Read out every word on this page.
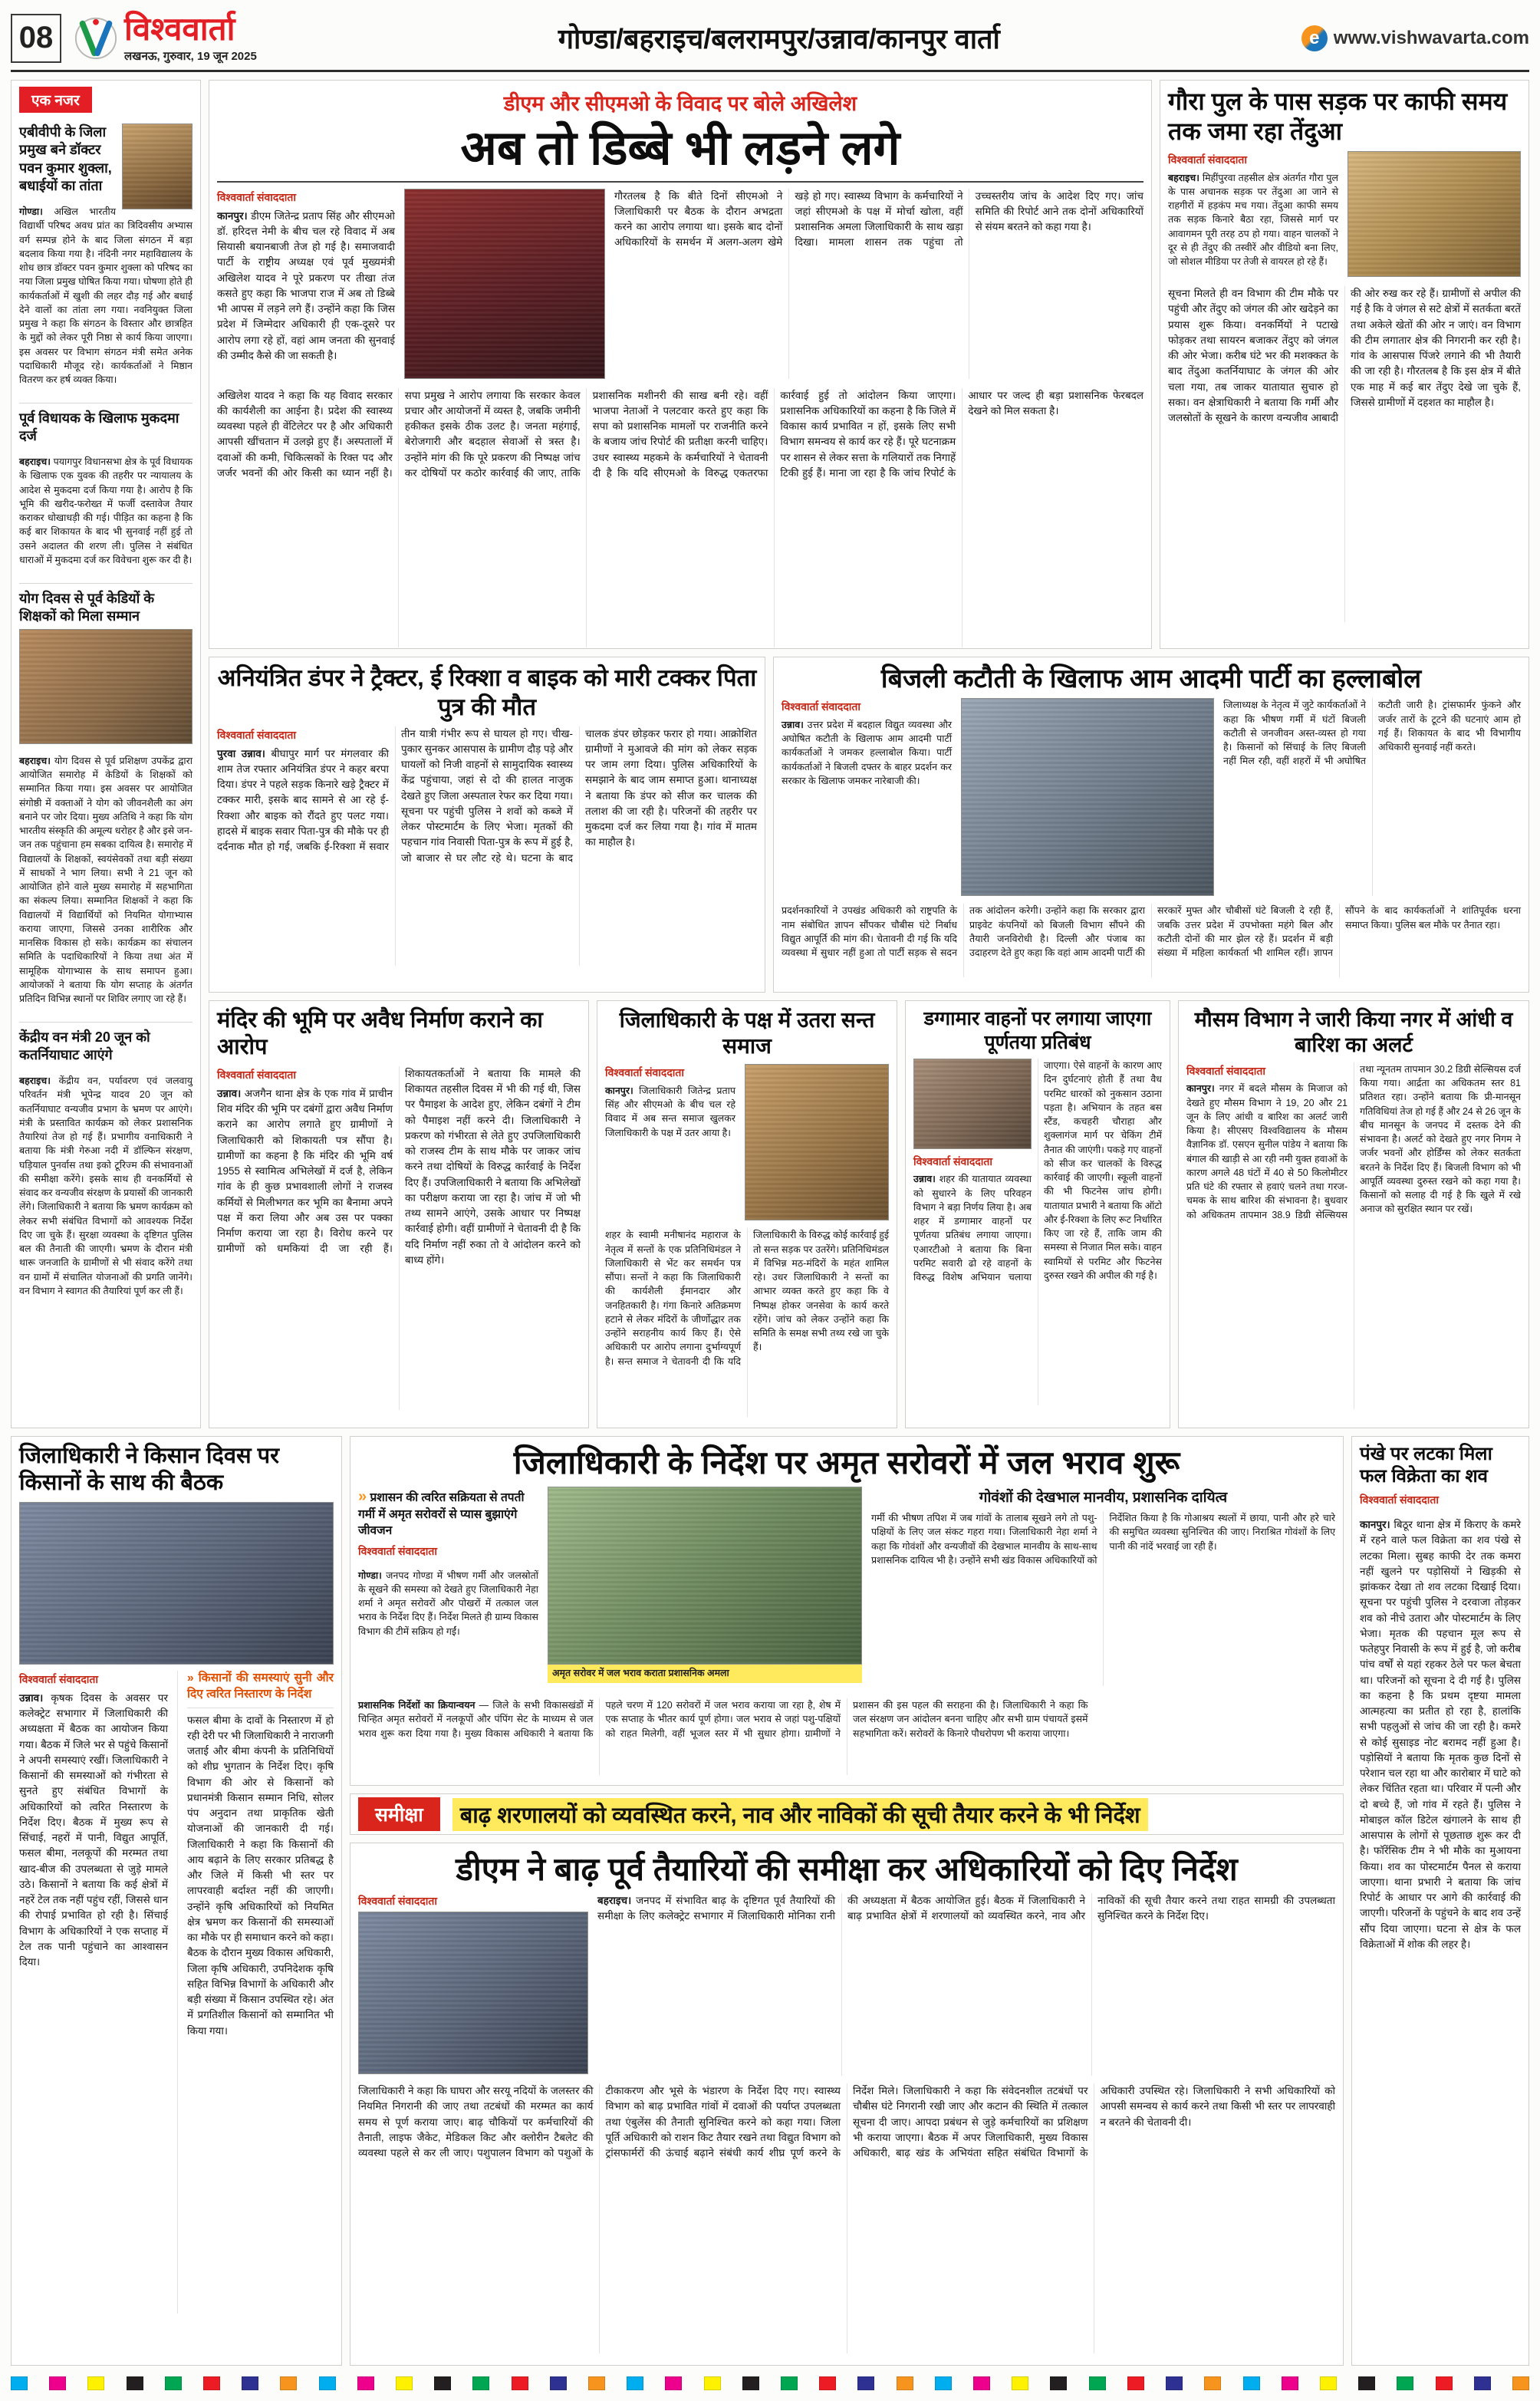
08 विश्ववार्ता
लखनऊ, गुरुवार, 19 जून 2025
गोण्डा/बहराइच/बलरामपुर/उन्नाव/कानपुर वार्ता	e www.vishwavarta.com
एक नजर
एबीवीपी के जिला प्रमुख बने डॉक्टर पवन कुमार शुक्ला, बधाईयों का तांता

गोण्डा। अखिल भारतीय विद्यार्थी परिषद अवध प्रांत का त्रिदिवसीय अभ्यास वर्ग सम्पन्न होने के बाद जिला संगठन में बड़ा बदलाव किया गया है। नंदिनी नगर महाविद्यालय के शोध छात्र डॉक्टर पवन कुमार शुक्ला को परिषद का नया जिला प्रमुख घोषित किया गया। घोषणा होते ही कार्यकर्ताओं में खुशी की लहर दौड़ गई और बधाई देने वालों का तांता लग गया। नवनियुक्त जिला प्रमुख ने कहा कि संगठन के विस्तार और छात्रहित के मुद्दों को लेकर पूरी निष्ठा से कार्य किया जाएगा। इस अवसर पर विभाग संगठन मंत्री समेत अनेक पदाधिकारी मौजूद रहे। कार्यकर्ताओं ने मिष्ठान वितरण कर हर्ष व्यक्त किया।

पूर्व विधायक के खिलाफ मुकदमा दर्ज

बहराइच। पयागपुर विधानसभा क्षेत्र के पूर्व विधायक के खिलाफ एक युवक की तहरीर पर न्यायालय के आदेश से मुकदमा दर्ज किया गया है। आरोप है कि भूमि की खरीद-फरोख्त में फर्जी दस्तावेज तैयार कराकर धोखाधड़ी की गई। पीड़ित का कहना है कि कई बार शिकायत के बाद भी सुनवाई नहीं हुई तो उसने अदालत की शरण ली। पुलिस ने संबंधित धाराओं में मुकदमा दर्ज कर विवेचना शुरू कर दी है।

योग दिवस से पूर्व केडियों के शिक्षकों को मिला सम्मान

बहराइच। योग दिवस से पूर्व प्रशिक्षण उपकेंद्र द्वारा आयोजित समारोह में केडियों के शिक्षकों को सम्मानित किया गया। इस अवसर पर आयोजित संगोष्ठी में वक्ताओं ने योग को जीवनशैली का अंग बनाने पर जोर दिया। मुख्य अतिथि ने कहा कि योग भारतीय संस्कृति की अमूल्य धरोहर है और इसे जन-जन तक पहुंचाना हम सबका दायित्व है। समारोह में विद्यालयों के शिक्षकों, स्वयंसेवकों तथा बड़ी संख्या में साधकों ने भाग लिया। सभी ने 21 जून को आयोजित होने वाले मुख्य समारोह में सहभागिता का संकल्प लिया। सम्मानित शिक्षकों ने कहा कि विद्यालयों में विद्यार्थियों को नियमित योगाभ्यास कराया जाएगा, जिससे उनका शारीरिक और मानसिक विकास हो सके। कार्यक्रम का संचालन समिति के पदाधिकारियों ने किया तथा अंत में सामूहिक योगाभ्यास के साथ समापन हुआ। आयोजकों ने बताया कि योग सप्ताह के अंतर्गत प्रतिदिन विभिन्न स्थानों पर शिविर लगाए जा रहे हैं।

केंद्रीय वन मंत्री 20 जून को कतर्नियाघाट आएंगे

बहराइच। केंद्रीय वन, पर्यावरण एवं जलवायु परिवर्तन मंत्री भूपेन्द्र यादव 20 जून को कतर्नियाघाट वन्यजीव प्रभाग के भ्रमण पर आएंगे। मंत्री के प्रस्तावित कार्यक्रम को लेकर प्रशासनिक तैयारियां तेज हो गई हैं। प्रभागीय वनाधिकारी ने बताया कि मंत्री गेरुआ नदी में डॉल्फिन संरक्षण, घड़ियाल पुनर्वास तथा इको टूरिज्म की संभावनाओं की समीक्षा करेंगे। इसके साथ ही वनकर्मियों से संवाद कर वन्यजीव संरक्षण के प्रयासों की जानकारी लेंगे। जिलाधिकारी ने बताया कि भ्रमण कार्यक्रम को लेकर सभी संबंधित विभागों को आवश्यक निर्देश दिए जा चुके हैं। सुरक्षा व्यवस्था के दृष्टिगत पुलिस बल की तैनाती की जाएगी। भ्रमण के दौरान मंत्री थारू जनजाति के ग्रामीणों से भी संवाद करेंगे तथा वन ग्रामों में संचालित योजनाओं की प्रगति जानेंगे। वन विभाग ने स्वागत की तैयारियां पूर्ण कर ली हैं।

डीएम और सीएमओ के विवाद पर बोले अखिलेश
अब तो डिब्बे भी लड़ने लगे
विश्ववार्ता संवाददाता

कानपुर। डीएम जितेन्द्र प्रताप सिंह और सीएमओ डॉ. हरिदत्त नेमी के बीच चल रहे विवाद में अब सियासी बयानबाजी तेज हो गई है। समाजवादी पार्टी के राष्ट्रीय अध्यक्ष एवं पूर्व मुख्यमंत्री अखिलेश यादव ने पूरे प्रकरण पर तीखा तंज कसते हुए कहा कि भाजपा राज में अब तो डिब्बे भी आपस में लड़ने लगे हैं। उन्होंने कहा कि जिस प्रदेश में जिम्मेदार अधिकारी ही एक-दूसरे पर आरोप लगा रहे हों, वहां आम जनता की सुनवाई की उम्मीद कैसे की जा सकती है।

गौरतलब है कि बीते दिनों सीएमओ ने जिलाधिकारी पर बैठक के दौरान अभद्रता करने का आरोप लगाया था। इसके बाद दोनों अधिकारियों के समर्थन में अलग-अलग खेमे खड़े हो गए। स्वास्थ्य विभाग के कर्मचारियों ने जहां सीएमओ के पक्ष में मोर्चा खोला, वहीं प्रशासनिक अमला जिलाधिकारी के साथ खड़ा दिखा। मामला शासन तक पहुंचा तो उच्चस्तरीय जांच के आदेश दिए गए। जांच समिति की रिपोर्ट आने तक दोनों अधिकारियों से संयम बरतने को कहा गया है।

अखिलेश यादव ने कहा कि यह विवाद सरकार की कार्यशैली का आईना है। प्रदेश की स्वास्थ्य व्यवस्था पहले ही वेंटिलेटर पर है और अधिकारी आपसी खींचतान में उलझे हुए हैं। अस्पतालों में दवाओं की कमी, चिकित्सकों के रिक्त पद और जर्जर भवनों की ओर किसी का ध्यान नहीं है। सपा प्रमुख ने आरोप लगाया कि सरकार केवल प्रचार और आयोजनों में व्यस्त है, जबकि जमीनी हकीकत इसके ठीक उलट है। जनता महंगाई, बेरोजगारी और बदहाल सेवाओं से त्रस्त है। उन्होंने मांग की कि पूरे प्रकरण की निष्पक्ष जांच कर दोषियों पर कठोर कार्रवाई की जाए, ताकि प्रशासनिक मशीनरी की साख बनी रहे। वहीं भाजपा नेताओं ने पलटवार करते हुए कहा कि सपा को प्रशासनिक मामलों पर राजनीति करने के बजाय जांच रिपोर्ट की प्रतीक्षा करनी चाहिए। उधर स्वास्थ्य महकमे के कर्मचारियों ने चेतावनी दी है कि यदि सीएमओ के विरुद्ध एकतरफा कार्रवाई हुई तो आंदोलन किया जाएगा। प्रशासनिक अधिकारियों का कहना है कि जिले में विकास कार्य प्रभावित न हों, इसके लिए सभी विभाग समन्वय से कार्य कर रहे हैं। पूरे घटनाक्रम पर शासन से लेकर सत्ता के गलियारों तक निगाहें टिकी हुई हैं। माना जा रहा है कि जांच रिपोर्ट के आधार पर जल्द ही बड़ा प्रशासनिक फेरबदल देखने को मिल सकता है।

गौरा पुल के पास सड़क पर काफी समय तक जमा रहा तेंदुआ
विश्ववार्ता संवाददाता

बहराइच। मिहींपुरवा तहसील क्षेत्र अंतर्गत गौरा पुल के पास अचानक सड़क पर तेंदुआ आ जाने से राहगीरों में हड़कंप मच गया। तेंदुआ काफी समय तक सड़क किनारे बैठा रहा, जिससे मार्ग पर आवागमन पूरी तरह ठप हो गया। वाहन चालकों ने दूर से ही तेंदुए की तस्वीरें और वीडियो बना लिए, जो सोशल मीडिया पर तेजी से वायरल हो रहे हैं।

सूचना मिलते ही वन विभाग की टीम मौके पर पहुंची और तेंदुए को जंगल की ओर खदेड़ने का प्रयास शुरू किया। वनकर्मियों ने पटाखे फोड़कर तथा सायरन बजाकर तेंदुए को जंगल की ओर भेजा। करीब घंटे भर की मशक्कत के बाद तेंदुआ कतर्नियाघाट के जंगल की ओर चला गया, तब जाकर यातायात सुचारु हो सका। वन क्षेत्राधिकारी ने बताया कि गर्मी और जलस्रोतों के सूखने के कारण वन्यजीव आबादी की ओर रुख कर रहे हैं। ग्रामीणों से अपील की गई है कि वे जंगल से सटे क्षेत्रों में सतर्कता बरतें तथा अकेले खेतों की ओर न जाएं। वन विभाग की टीम लगातार क्षेत्र की निगरानी कर रही है। गांव के आसपास पिंजरे लगाने की भी तैयारी की जा रही है। गौरतलब है कि इस क्षेत्र में बीते एक माह में कई बार तेंदुए देखे जा चुके हैं, जिससे ग्रामीणों में दहशत का माहौल है।

अनियंत्रित डंपर ने ट्रैक्टर, ई रिक्शा व बाइक को मारी टक्कर पिता पुत्र की मौत
विश्ववार्ता संवाददाता

पुरवा उन्नाव। बीघापुर मार्ग पर मंगलवार की शाम तेज रफ्तार अनियंत्रित डंपर ने कहर बरपा दिया। डंपर ने पहले सड़क किनारे खड़े ट्रैक्टर में टक्कर मारी, इसके बाद सामने से आ रहे ई-रिक्शा और बाइक को रौंदते हुए पलट गया। हादसे में बाइक सवार पिता-पुत्र की मौके पर ही दर्दनाक मौत हो गई, जबकि ई-रिक्शा में सवार तीन यात्री गंभीर रूप से घायल हो गए। चीख-पुकार सुनकर आसपास के ग्रामीण दौड़ पड़े और घायलों को निजी वाहनों से सामुदायिक स्वास्थ्य केंद्र पहुंचाया, जहां से दो की हालत नाजुक देखते हुए जिला अस्पताल रेफर कर दिया गया। सूचना पर पहुंची पुलिस ने शवों को कब्जे में लेकर पोस्टमार्टम के लिए भेजा। मृतकों की पहचान गांव निवासी पिता-पुत्र के रूप में हुई है, जो बाजार से घर लौट रहे थे। घटना के बाद चालक डंपर छोड़कर फरार हो गया। आक्रोशित ग्रामीणों ने मुआवजे की मांग को लेकर सड़क पर जाम लगा दिया। पुलिस अधिकारियों के समझाने के बाद जाम समाप्त हुआ। थानाध्यक्ष ने बताया कि डंपर को सीज कर चालक की तलाश की जा रही है। परिजनों की तहरीर पर मुकदमा दर्ज कर लिया गया है। गांव में मातम का माहौल है।

बिजली कटौती के खिलाफ आम आदमी पार्टी का हल्लाबोल
विश्ववार्ता संवाददाता

उन्नाव। उत्तर प्रदेश में बदहाल विद्युत व्यवस्था और अघोषित कटौती के खिलाफ आम आदमी पार्टी कार्यकर्ताओं ने जमकर हल्लाबोल किया। पार्टी कार्यकर्ताओं ने बिजली दफ्तर के बाहर प्रदर्शन कर सरकार के खिलाफ जमकर नारेबाजी की।

जिलाध्यक्ष के नेतृत्व में जुटे कार्यकर्ताओं ने कहा कि भीषण गर्मी में घंटों बिजली कटौती से जनजीवन अस्त-व्यस्त हो गया है। किसानों को सिंचाई के लिए बिजली नहीं मिल रही, वहीं शहरों में भी अघोषित कटौती जारी है। ट्रांसफार्मर फुंकने और जर्जर तारों के टूटने की घटनाएं आम हो गई हैं। शिकायत के बाद भी विभागीय अधिकारी सुनवाई नहीं करते।

प्रदर्शनकारियों ने उपखंड अधिकारी को राष्ट्रपति के नाम संबोधित ज्ञापन सौंपकर चौबीस घंटे निर्बाध विद्युत आपूर्ति की मांग की। चेतावनी दी गई कि यदि व्यवस्था में सुधार नहीं हुआ तो पार्टी सड़क से सदन तक आंदोलन करेगी। उन्होंने कहा कि सरकार द्वारा प्राइवेट कंपनियों को बिजली विभाग सौंपने की तैयारी जनविरोधी है। दिल्ली और पंजाब का उदाहरण देते हुए कहा कि वहां आम आदमी पार्टी की सरकारें मुफ्त और चौबीसों घंटे बिजली दे रही हैं, जबकि उत्तर प्रदेश में उपभोक्ता महंगे बिल और कटौती दोनों की मार झेल रहे हैं। प्रदर्शन में बड़ी संख्या में महिला कार्यकर्ता भी शामिल रहीं। ज्ञापन सौंपने के बाद कार्यकर्ताओं ने शांतिपूर्वक धरना समाप्त किया। पुलिस बल मौके पर तैनात रहा।

मंदिर की भूमि पर अवैध निर्माण कराने का आरोप
विश्ववार्ता संवाददाता

उन्नाव। अजगैन थाना क्षेत्र के एक गांव में प्राचीन शिव मंदिर की भूमि पर दबंगों द्वारा अवैध निर्माण कराने का आरोप लगाते हुए ग्रामीणों ने जिलाधिकारी को शिकायती पत्र सौंपा है। ग्रामीणों का कहना है कि मंदिर की भूमि वर्ष 1955 से स्वामित्व अभिलेखों में दर्ज है, लेकिन गांव के ही कुछ प्रभावशाली लोगों ने राजस्व कर्मियों से मिलीभगत कर भूमि का बैनामा अपने पक्ष में करा लिया और अब उस पर पक्का निर्माण कराया जा रहा है। विरोध करने पर ग्रामीणों को धमकियां दी जा रही हैं। शिकायतकर्ताओं ने बताया कि मामले की शिकायत तहसील दिवस में भी की गई थी, जिस पर पैमाइश के आदेश हुए, लेकिन दबंगों ने टीम को पैमाइश नहीं करने दी। जिलाधिकारी ने प्रकरण को गंभीरता से लेते हुए उपजिलाधिकारी को राजस्व टीम के साथ मौके पर जाकर जांच करने तथा दोषियों के विरुद्ध कार्रवाई के निर्देश दिए हैं। उपजिलाधिकारी ने बताया कि अभिलेखों का परीक्षण कराया जा रहा है। जांच में जो भी तथ्य सामने आएंगे, उसके आधार पर निष्पक्ष कार्रवाई होगी। वहीं ग्रामीणों ने चेतावनी दी है कि यदि निर्माण नहीं रुका तो वे आंदोलन करने को बाध्य होंगे।

जिलाधिकारी के पक्ष में उतरा सन्त समाज
विश्ववार्ता संवाददाता

कानपुर। जिलाधिकारी जितेन्द्र प्रताप सिंह और सीएमओ के बीच चल रहे विवाद में अब सन्त समाज खुलकर जिलाधिकारी के पक्ष में उतर आया है।

शहर के स्वामी मनीषानंद महाराज के नेतृत्व में सन्तों के एक प्रतिनिधिमंडल ने जिलाधिकारी से भेंट कर समर्थन पत्र सौंपा। सन्तों ने कहा कि जिलाधिकारी की कार्यशैली ईमानदार और जनहितकारी है। गंगा किनारे अतिक्रमण हटाने से लेकर मंदिरों के जीर्णोद्धार तक उन्होंने सराहनीय कार्य किए हैं। ऐसे अधिकारी पर आरोप लगाना दुर्भाग्यपूर्ण है। सन्त समाज ने चेतावनी दी कि यदि जिलाधिकारी के विरुद्ध कोई कार्रवाई हुई तो सन्त सड़क पर उतरेंगे। प्रतिनिधिमंडल में विभिन्न मठ-मंदिरों के महंत शामिल रहे। उधर जिलाधिकारी ने सन्तों का आभार व्यक्त करते हुए कहा कि वे निष्पक्ष होकर जनसेवा के कार्य करते रहेंगे। जांच को लेकर उन्होंने कहा कि समिति के समक्ष सभी तथ्य रखे जा चुके हैं।

डग्गामार वाहनों पर लगाया जाएगा पूर्णतया प्रतिबंध
विश्ववार्ता संवाददाता

उन्नाव। शहर की यातायात व्यवस्था को सुधारने के लिए परिवहन विभाग ने बड़ा निर्णय लिया है। अब शहर में डग्गामार वाहनों पर पूर्णतया प्रतिबंध लगाया जाएगा। एआरटीओ ने बताया कि बिना परमिट सवारी ढो रहे वाहनों के विरुद्ध विशेष अभियान चलाया जाएगा। ऐसे वाहनों के कारण आए दिन दुर्घटनाएं होती हैं तथा वैध परमिट धारकों को नुकसान उठाना पड़ता है। अभियान के तहत बस स्टैंड, कचहरी चौराहा और शुक्लागंज मार्ग पर चेकिंग टीमें तैनात की जाएंगी। पकड़े गए वाहनों को सीज कर चालकों के विरुद्ध कार्रवाई की जाएगी। स्कूली वाहनों की भी फिटनेस जांच होगी। यातायात प्रभारी ने बताया कि ऑटो और ई-रिक्शा के लिए रूट निर्धारित किए जा रहे हैं, ताकि जाम की समस्या से निजात मिल सके। वाहन स्वामियों से परमिट और फिटनेस दुरुस्त रखने की अपील की गई है।

मौसम विभाग ने जारी किया नगर में आंधी व बारिश का अलर्ट
विश्ववार्ता संवाददाता

कानपुर। नगर में बदले मौसम के मिजाज को देखते हुए मौसम विभाग ने 19, 20 और 21 जून के लिए आंधी व बारिश का अलर्ट जारी किया है। सीएसए विश्वविद्यालय के मौसम वैज्ञानिक डॉ. एसएन सुनील पांडेय ने बताया कि बंगाल की खाड़ी से आ रही नमी युक्त हवाओं के कारण अगले 48 घंटों में 40 से 50 किलोमीटर प्रति घंटे की रफ्तार से हवाएं चलने तथा गरज-चमक के साथ बारिश की संभावना है। बुधवार को अधिकतम तापमान 38.9 डिग्री सेल्सियस तथा न्यूनतम तापमान 30.2 डिग्री सेल्सियस दर्ज किया गया। आर्द्रता का अधिकतम स्तर 81 प्रतिशत रहा। उन्होंने बताया कि प्री-मानसून गतिविधियां तेज हो गई हैं और 24 से 26 जून के बीच मानसून के जनपद में दस्तक देने की संभावना है। अलर्ट को देखते हुए नगर निगम ने जर्जर भवनों और होर्डिंग्स को लेकर सतर्कता बरतने के निर्देश दिए हैं। बिजली विभाग को भी आपूर्ति व्यवस्था दुरुस्त रखने को कहा गया है। किसानों को सलाह दी गई है कि खुले में रखे अनाज को सुरक्षित स्थान पर रखें।

जिलाधिकारी ने किसान दिवस पर किसानों के साथ की बैठक
विश्ववार्ता संवाददाता

उन्नाव। कृषक दिवस के अवसर पर कलेक्ट्रेट सभागार में जिलाधिकारी की अध्यक्षता में बैठक का आयोजन किया गया। बैठक में जिले भर से पहुंचे किसानों ने अपनी समस्याएं रखीं। जिलाधिकारी ने किसानों की समस्याओं को गंभीरता से सुनते हुए संबंधित विभागों के अधिकारियों को त्वरित निस्तारण के निर्देश दिए। बैठक में मुख्य रूप से सिंचाई, नहरों में पानी, विद्युत आपूर्ति, फसल बीमा, नलकूपों की मरम्मत तथा खाद-बीज की उपलब्धता से जुड़े मामले उठे। किसानों ने बताया कि कई क्षेत्रों में नहरें टेल तक नहीं पहुंच रहीं, जिससे धान की रोपाई प्रभावित हो रही है। सिंचाई विभाग के अधिकारियों ने एक सप्ताह में टेल तक पानी पहुंचाने का आश्वासन दिया।

» किसानों की समस्याएं सुनी और दिए त्वरित निस्तारण के निर्देश

फसल बीमा के दावों के निस्तारण में हो रही देरी पर भी जिलाधिकारी ने नाराजगी जताई और बीमा कंपनी के प्रतिनिधियों को शीघ्र भुगतान के निर्देश दिए। कृषि विभाग की ओर से किसानों को प्रधानमंत्री किसान सम्मान निधि, सोलर पंप अनुदान तथा प्राकृतिक खेती योजनाओं की जानकारी दी गई। जिलाधिकारी ने कहा कि किसानों की आय बढ़ाने के लिए सरकार प्रतिबद्ध है और जिले में किसी भी स्तर पर लापरवाही बर्दाश्त नहीं की जाएगी। उन्होंने कृषि अधिकारियों को नियमित क्षेत्र भ्रमण कर किसानों की समस्याओं का मौके पर ही समाधान करने को कहा। बैठक के दौरान मुख्य विकास अधिकारी, जिला कृषि अधिकारी, उपनिदेशक कृषि सहित विभिन्न विभागों के अधिकारी और बड़ी संख्या में किसान उपस्थित रहे। अंत में प्रगतिशील किसानों को सम्मानित भी किया गया।

जिलाधिकारी के निर्देश पर अमृत सरोवरों में जल भराव शुरू
» प्रशासन की त्वरित सक्रियता से तपती गर्मी में अमृत सरोवरों से प्यास बुझाएंगे जीवजन
विश्ववार्ता संवाददाता

गोण्डा। जनपद गोण्डा में भीषण गर्मी और जलस्रोतों के सूखने की समस्या को देखते हुए जिलाधिकारी नेहा शर्मा ने अमृत सरोवरों और पोखरों में तत्काल जल भराव के निर्देश दिए हैं। निर्देश मिलते ही ग्राम्य विकास विभाग की टीमें सक्रिय हो गईं।

अमृत सरोवर में जल भराव कराता प्रशासनिक अमला
गोवंशों की देखभाल मानवीय, प्रशासनिक दायित्व

गर्मी की भीषण तपिश में जब गांवों के तालाब सूखने लगे तो पशु-पक्षियों के लिए जल संकट गहरा गया। जिलाधिकारी नेहा शर्मा ने कहा कि गोवंशों और वन्यजीवों की देखभाल मानवीय के साथ-साथ प्रशासनिक दायित्व भी है। उन्होंने सभी खंड विकास अधिकारियों को निर्देशित किया है कि गोआश्रय स्थलों में छाया, पानी और हरे चारे की समुचित व्यवस्था सुनिश्चित की जाए। निराश्रित गोवंशों के लिए पानी की नांदें भरवाई जा रही हैं।

प्रशासनिक निर्देशों का क्रियान्वयन — जिले के सभी विकासखंडों में चिन्हित अमृत सरोवरों में नलकूपों और पंपिंग सेट के माध्यम से जल भराव शुरू करा दिया गया है। मुख्य विकास अधिकारी ने बताया कि पहले चरण में 120 सरोवरों में जल भराव कराया जा रहा है, शेष में एक सप्ताह के भीतर कार्य पूर्ण होगा। जल भराव से जहां पशु-पक्षियों को राहत मिलेगी, वहीं भूजल स्तर में भी सुधार होगा। ग्रामीणों ने प्रशासन की इस पहल की सराहना की है। जिलाधिकारी ने कहा कि जल संरक्षण जन आंदोलन बनना चाहिए और सभी ग्राम पंचायतें इसमें सहभागिता करें। सरोवरों के किनारे पौधरोपण भी कराया जाएगा।

समीक्षा	बाढ़ शरणालयों को व्यवस्थित करने, नाव और नाविकों की सूची तैयार करने के भी निर्देश
डीएम ने बाढ़ पूर्व तैयारियों की समीक्षा कर अधिकारियों को दिए निर्देश
विश्ववार्ता संवाददाता	बहराइच। जनपद में संभावित बाढ़ के दृष्टिगत पूर्व तैयारियों की समीक्षा के लिए कलेक्ट्रेट सभागार में जिलाधिकारी मोनिका रानी की अध्यक्षता में बैठक आयोजित हुई। बैठक में जिलाधिकारी ने बाढ़ प्रभावित क्षेत्रों में शरणालयों को व्यवस्थित करने, नाव और नाविकों की सूची तैयार करने तथा राहत सामग्री की उपलब्धता सुनिश्चित करने के निर्देश दिए।

जिलाधिकारी ने कहा कि घाघरा और सरयू नदियों के जलस्तर की नियमित निगरानी की जाए तथा तटबंधों की मरम्मत का कार्य समय से पूर्ण कराया जाए। बाढ़ चौकियों पर कर्मचारियों की तैनाती, लाइफ जैकेट, मेडिकल किट और क्लोरीन टैबलेट की व्यवस्था पहले से कर ली जाए। पशुपालन विभाग को पशुओं के टीकाकरण और भूसे के भंडारण के निर्देश दिए गए। स्वास्थ्य विभाग को बाढ़ प्रभावित गांवों में दवाओं की पर्याप्त उपलब्धता तथा एंबुलेंस की तैनाती सुनिश्चित करने को कहा गया। जिला पूर्ति अधिकारी को राशन किट तैयार रखने तथा विद्युत विभाग को ट्रांसफार्मरों की ऊंचाई बढ़ाने संबंधी कार्य शीघ्र पूर्ण करने के निर्देश मिले। जिलाधिकारी ने कहा कि संवेदनशील तटबंधों पर चौबीस घंटे निगरानी रखी जाए और कटान की स्थिति में तत्काल सूचना दी जाए। आपदा प्रबंधन से जुड़े कर्मचारियों का प्रशिक्षण भी कराया जाएगा। बैठक में अपर जिलाधिकारी, मुख्य विकास अधिकारी, बाढ़ खंड के अभियंता सहित संबंधित विभागों के अधिकारी उपस्थित रहे। जिलाधिकारी ने सभी अधिकारियों को आपसी समन्वय से कार्य करने तथा किसी भी स्तर पर लापरवाही न बरतने की चेतावनी दी।

पंखे पर लटका मिला फल विक्रेता का शव
विश्ववार्ता संवाददाता

कानपुर। बिठूर थाना क्षेत्र में किराए के कमरे में रहने वाले फल विक्रेता का शव पंखे से लटका मिला। सुबह काफी देर तक कमरा नहीं खुलने पर पड़ोसियों ने खिड़की से झांककर देखा तो शव लटका दिखाई दिया। सूचना पर पहुंची पुलिस ने दरवाजा तोड़कर शव को नीचे उतारा और पोस्टमार्टम के लिए भेजा। मृतक की पहचान मूल रूप से फतेहपुर निवासी के रूप में हुई है, जो करीब पांच वर्षों से यहां रहकर ठेले पर फल बेचता था। परिजनों को सूचना दे दी गई है। पुलिस का कहना है कि प्रथम दृष्टया मामला आत्महत्या का प्रतीत हो रहा है, हालांकि सभी पहलुओं से जांच की जा रही है। कमरे से कोई सुसाइड नोट बरामद नहीं हुआ है। पड़ोसियों ने बताया कि मृतक कुछ दिनों से परेशान चल रहा था और कारोबार में घाटे को लेकर चिंतित रहता था। परिवार में पत्नी और दो बच्चे हैं, जो गांव में रहते हैं। पुलिस ने मोबाइल कॉल डिटेल खंगालने के साथ ही आसपास के लोगों से पूछताछ शुरू कर दी है। फॉरेंसिक टीम ने भी मौके का मुआयना किया। शव का पोस्टमार्टम पैनल से कराया जाएगा। थाना प्रभारी ने बताया कि जांच रिपोर्ट के आधार पर आगे की कार्रवाई की जाएगी। परिजनों के पहुंचने के बाद शव उन्हें सौंप दिया जाएगा। घटना से क्षेत्र के फल विक्रेताओं में शोक की लहर है।
